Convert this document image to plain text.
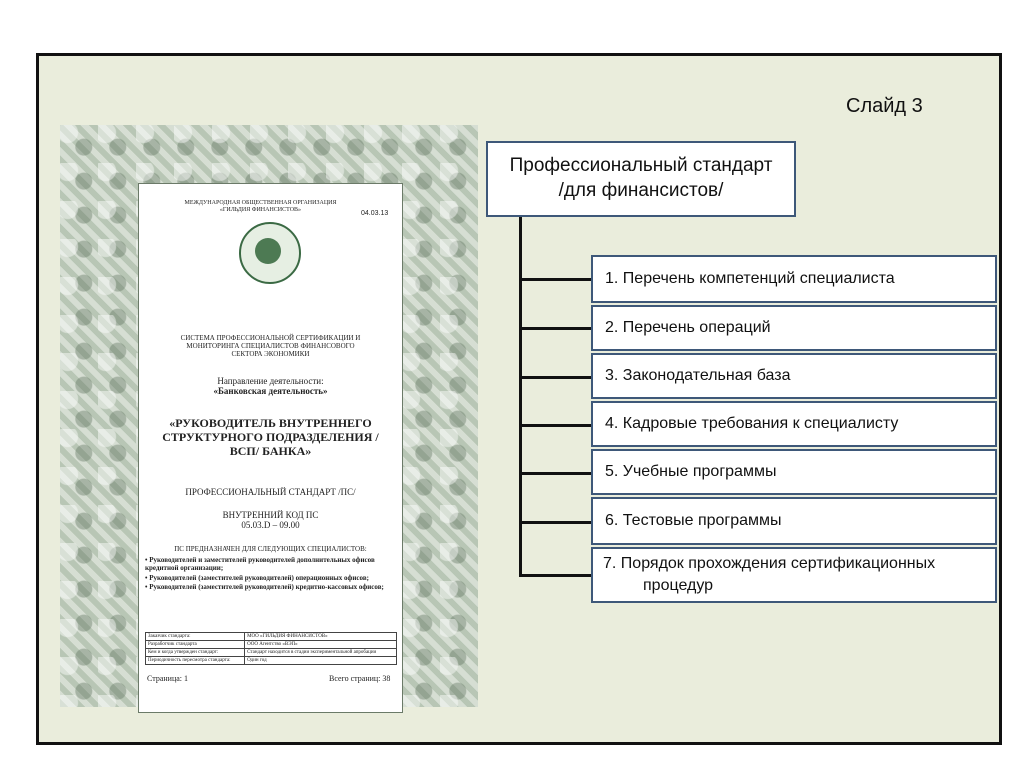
Слайд 3
МЕЖДУНАРОДНАЯ ОБЩЕСТВЕННАЯ ОРГАНИЗАЦИЯ «ГИЛЬДИЯ ФИНАНСИСТОВ»
04.03.13
СИСТЕМА ПРОФЕССИОНАЛЬНОЙ СЕРТИФИКАЦИИ И МОНИТОРИНГА СПЕЦИАЛИСТОВ ФИНАНСОВОГО СЕКТОРА ЭКОНОМИКИ
Направление деятельности:
«Банковская деятельность»
«РУКОВОДИТЕЛЬ ВНУТРЕННЕГО СТРУКТУРНОГО ПОДРАЗДЕЛЕНИЯ /ВСП/ БАНКА»
ПРОФЕССИОНАЛЬНЫЙ СТАНДАРТ /ПС/
ВНУТРЕННИЙ КОД ПС
05.03.D – 09.00
ПС ПРЕДНАЗНАЧЕН ДЛЯ СЛЕДУЮЩИХ СПЕЦИАЛИСТОВ:
• Руководителей и заместителей руководителей дополнительных офисов кредитной организации;
• Руководителей (заместителей руководителей) операционных офисов;
• Руководителей (заместителей руководителей) кредитно-кассовых офисов;
Заказчик стандарта:	МОО «ГИЛЬДИЯ ФИНАНСИСТОВ»
Разработчик стандарта	ООО Агентство «ВЭП»
Кем и когда утвержден стандарт:	Стандарт находится в стадии экспериментальной апробации
Периодичность пересмотра стандарта:	Один год
Страница: 1	Всего страниц: 38
Профессиональный стандарт
/для финансистов/
1. Перечень компетенций специалиста
2. Перечень операций
3. Законодательная база
4. Кадровые требования к специалисту
5. Учебные программы
6. Тестовые программы
7. Порядок прохождения сертификационных
процедур
